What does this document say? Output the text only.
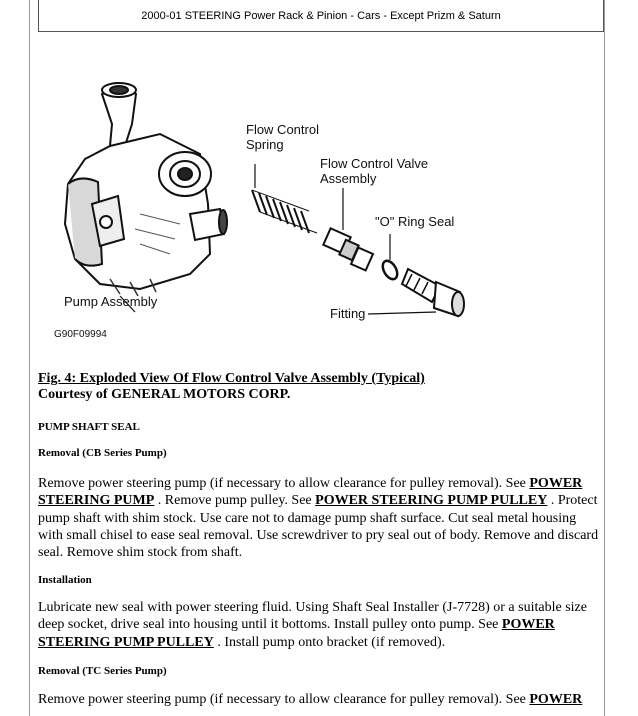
2000-01 STEERING Power Rack & Pinion - Cars - Except Prizm & Saturn
Flow Control Spring
Flow Control Valve Assembly
"O" Ring Seal
Pump Assembly
Fitting
G90F09994
Fig. 4: Exploded View Of Flow Control Valve Assembly (Typical)
Courtesy of GENERAL MOTORS CORP.
PUMP SHAFT SEAL
Removal (CB Series Pump)
Remove power steering pump (if necessary to allow clearance for pulley removal). See POWER STEERING PUMP . Remove pump pulley. See POWER STEERING PUMP PULLEY . Protect pump shaft with shim stock. Use care not to damage pump shaft surface. Cut seal metal housing with small chisel to ease seal removal. Use screwdriver to pry seal out of body. Remove and discard seal. Remove shim stock from shaft.
Installation
Lubricate new seal with power steering fluid. Using Shaft Seal Installer (J-7728) or a suitable size deep socket, drive seal into housing until it bottoms. Install pulley onto pump. See POWER STEERING PUMP PULLEY . Install pump onto bracket (if removed).
Removal (TC Series Pump)
Remove power steering pump (if necessary to allow clearance for pulley removal). See POWER
